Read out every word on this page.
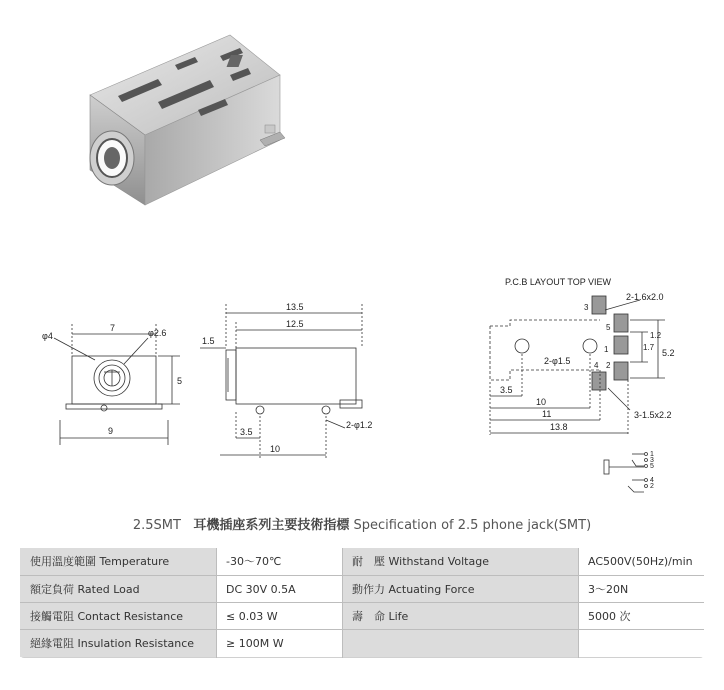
φ4
7	φ2.6
5
9
13.5
12.5
1.5
3.5
2-φ1.2
10
P.C.B LAYOUT TOP VIEW
2-1.6x2.0
2-φ1.5
3-1.5x2.2
5.2
1.7
1.2
3.5
10
11
13.8
3
5
1
4 2
1
3
5
4
2
2.5SMT 耳機插座系列主要技術指標 Specification of 2.5 phone jack(SMT)
使用溫度範圍 Temperature	-30～70℃	耐　壓 Withstand Voltage	AC500V(50Hz)/min
額定負荷 Rated Load	DC 30V 0.5A	動作力 Actuating Force	3～20N
接觸電阻 Contact Resistance	≤ 0.03 W	壽　命 Life	5000 次
絕緣電阻 Insulation Resistance	≥ 100M W
